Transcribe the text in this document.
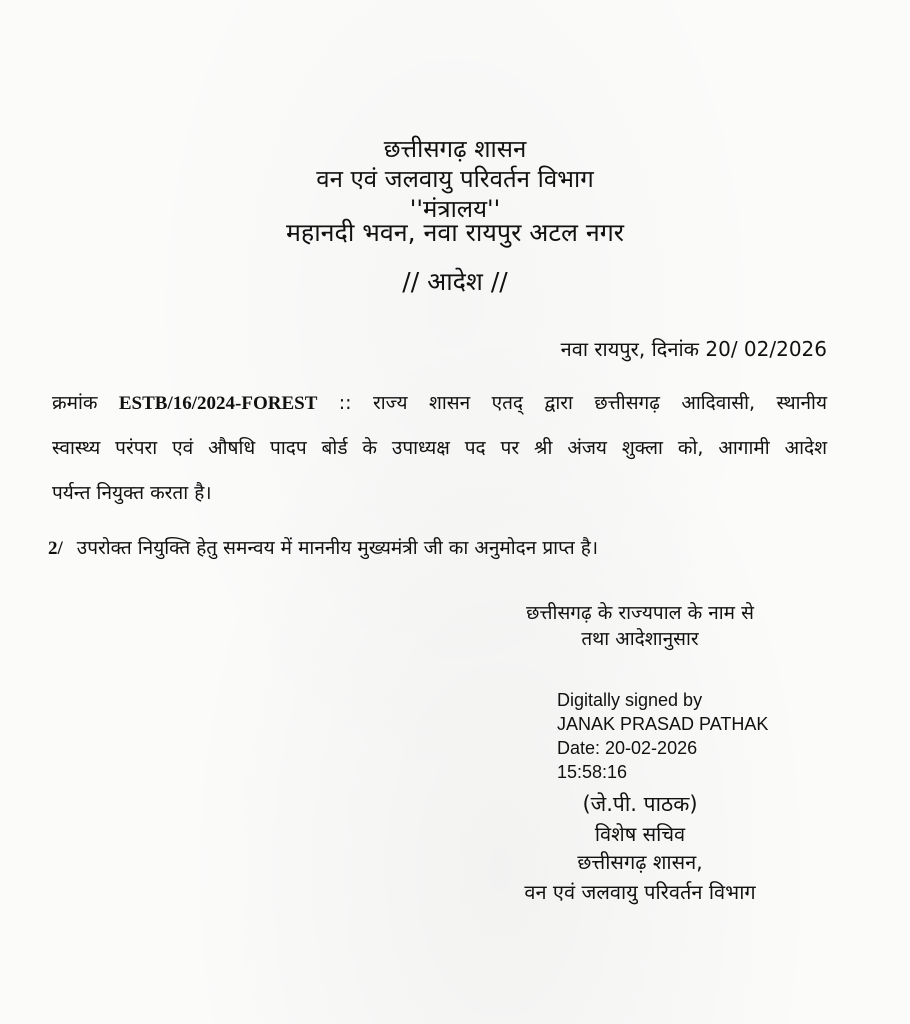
छत्तीसगढ़ शासन
वन एवं जलवायु परिवर्तन विभाग
''मंत्रालय''
महानदी भवन, नवा रायपुर अटल नगर
// आदेश //
नवा रायपुर, दिनांक 20/ 02/2026
क्रमांक ESTB/16/2024-FOREST :: राज्य शासन एतद् द्वारा छत्तीसगढ़ आदिवासी, स्थानीय
स्वास्थ्य परंपरा एवं औषधि पादप बोर्ड के उपाध्यक्ष पद पर श्री अंजय शुक्ला को, आगामी आदेश
पर्यन्त नियुक्त करता है।
2/ उपरोक्त नियुक्ति हेतु समन्वय में माननीय मुख्यमंत्री जी का अनुमोदन प्राप्त है।
छत्तीसगढ़ के राज्यपाल के नाम से
तथा आदेशानुसार
Digitally signed by
JANAK PRASAD PATHAK
Date: 20-02-2026
15:58:16
(जे.पी. पाठक)
विशेष सचिव
छत्तीसगढ़ शासन,
वन एवं जलवायु परिवर्तन विभाग
